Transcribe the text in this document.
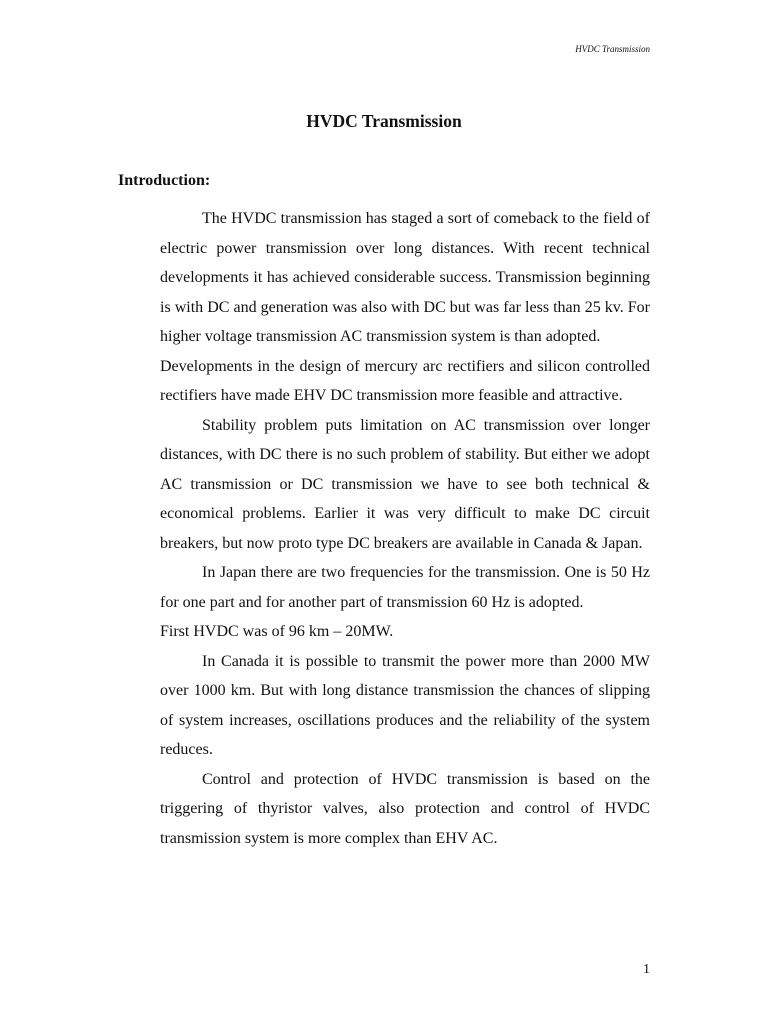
HVDC Transmission
HVDC Transmission
Introduction:

The HVDC transmission has staged a sort of comeback to the field of electric power transmission over long distances. With recent technical developments it has achieved considerable success. Transmission beginning is with DC and generation was also with DC but was far less than 25 kv. For higher voltage transmission AC transmission system is than adopted.

Developments in the design of mercury arc rectifiers and silicon controlled rectifiers have made EHV DC transmission more feasible and attractive.

Stability problem puts limitation on AC transmission over longer distances, with DC there is no such problem of stability. But either we adopt AC transmission or DC transmission we have to see both technical & economical problems. Earlier it was very difficult to make DC circuit breakers, but now proto type DC breakers are available in Canada & Japan.

In Japan there are two frequencies for the transmission. One is 50 Hz for one part and for another part of transmission 60 Hz is adopted.

First HVDC was of 96 km – 20MW.

In Canada it is possible to transmit the power more than 2000 MW over 1000 km. But with long distance transmission the chances of slipping of system increases, oscillations produces and the reliability of the system reduces.

Control and protection of HVDC transmission is based on the triggering of thyristor valves, also protection and control of HVDC transmission system is more complex than EHV AC.

1
